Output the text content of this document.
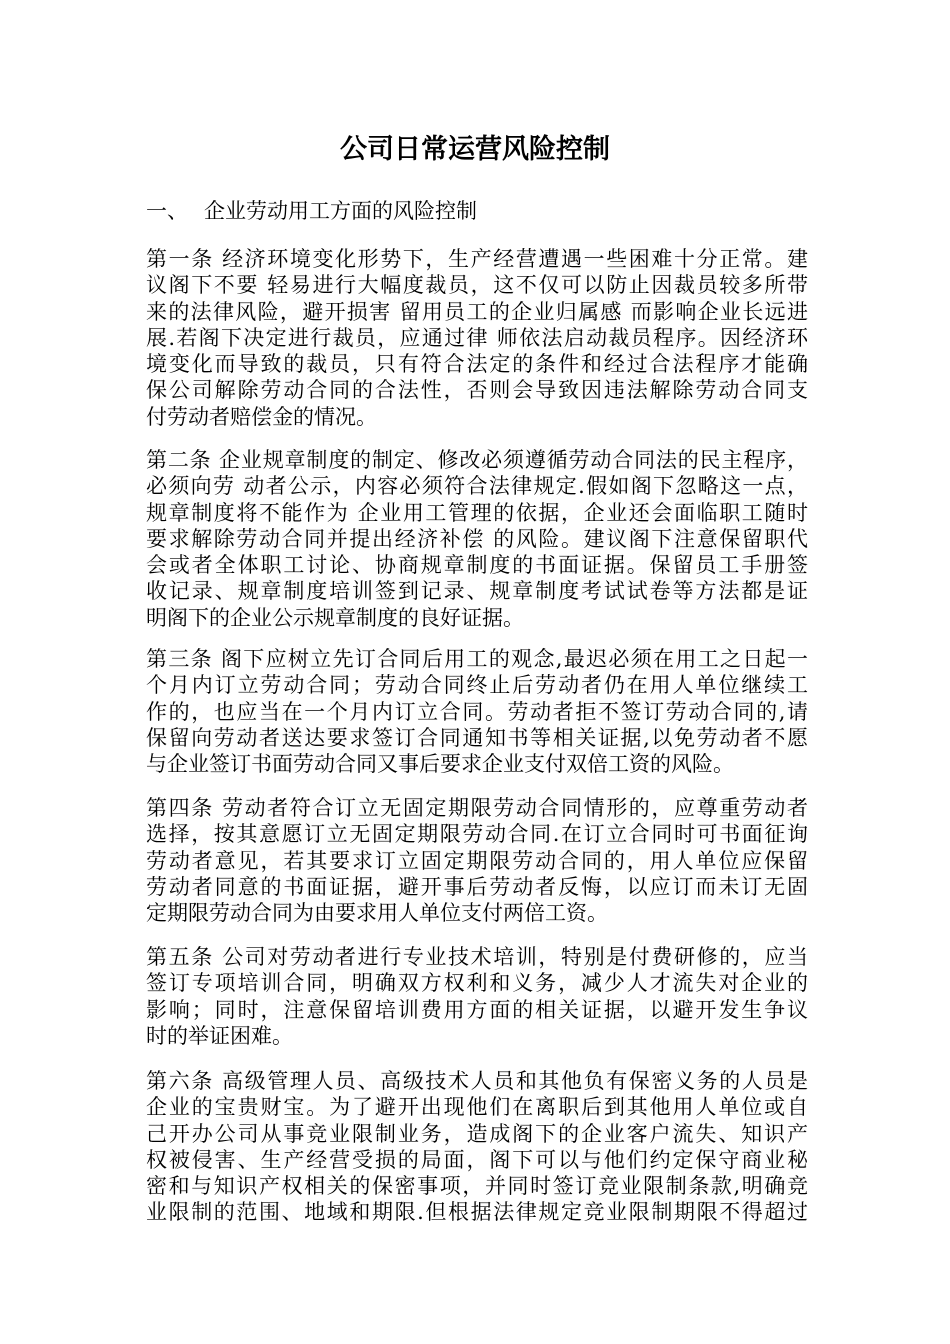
公司日常运营风险控制

一、 企业劳动用工方面的风险控制

第一条 经济环境变化形势下，生产经营遭遇一些困难十分正常。建
议阁下不要 轻易进行大幅度裁员，这不仅可以防止因裁员较多所带
来的法律风险，避开损害 留用员工的企业归属感 而影响企业长远进
展.若阁下决定进行裁员，应通过律 师依法启动裁员程序。因经济环
境变化而导致的裁员，只有符合法定的条件和经过合法程序才能确
保公司解除劳动合同的合法性，否则会导致因违法解除劳动合同支
付劳动者赔偿金的情况。
第二条 企业规章制度的制定、修改必须遵循劳动合同法的民主程序，
必须向劳 动者公示，内容必须符合法律规定.假如阁下忽略这一点，
规章制度将不能作为 企业用工管理的依据，企业还会面临职工随时
要求解除劳动合同并提出经济补偿 的风险。建议阁下注意保留职代
会或者全体职工讨论、协商规章制度的书面证据。保留员工手册签
收记录、规章制度培训签到记录、规章制度考试试卷等方法都是证
明阁下的企业公示规章制度的良好证据。
第三条 阁下应树立先订合同后用工的观念,最迟必须在用工之日起一
个月内订立劳动合同；劳动合同终止后劳动者仍在用人单位继续工
作的，也应当在一个月内订立合同。劳动者拒不签订劳动合同的,请
保留向劳动者送达要求签订合同通知书等相关证据,以免劳动者不愿
与企业签订书面劳动合同又事后要求企业支付双倍工资的风险。
第四条 劳动者符合订立无固定期限劳动合同情形的，应尊重劳动者
选择，按其意愿订立无固定期限劳动合同.在订立合同时可书面征询
劳动者意见，若其要求订立固定期限劳动合同的，用人单位应保留
劳动者同意的书面证据，避开事后劳动者反悔，以应订而未订无固
定期限劳动合同为由要求用人单位支付两倍工资。
第五条 公司对劳动者进行专业技术培训，特别是付费研修的，应当
签订专项培训合同，明确双方权利和义务，减少人才流失对企业的
影响；同时，注意保留培训费用方面的相关证据，以避开发生争议
时的举证困难。
第六条 高级管理人员、高级技术人员和其他负有保密义务的人员是
企业的宝贵财宝。为了避开出现他们在离职后到其他用人单位或自
己开办公司从事竞业限制业务，造成阁下的企业客户流失、知识产
权被侵害、生产经营受损的局面，阁下可以与他们约定保守商业秘
密和与知识产权相关的保密事项，并同时签订竞业限制条款,明确竞
业限制的范围、地域和期限.但根据法律规定竞业限制期限不得超过
